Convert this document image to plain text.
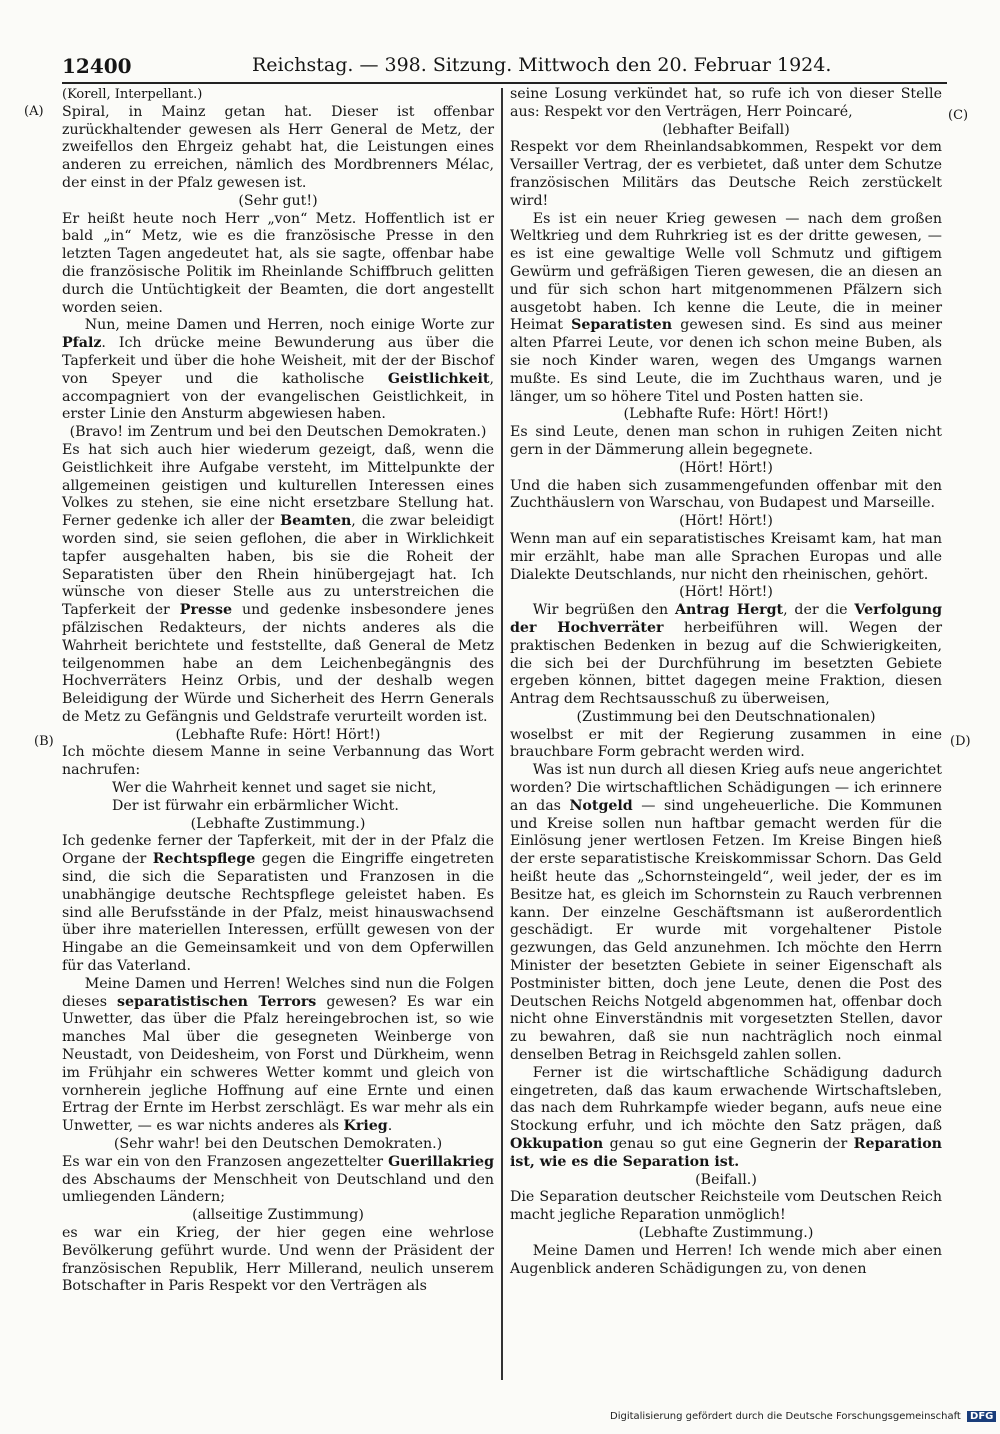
12400	Reichstag. — 398. Sitzung. Mittwoch den 20. Februar 1924.
(A)
(B)
(C)
(D)

(Korell, Interpellant.)

Spiral, in Mainz getan hat. Dieser ist offenbar zurückhaltender gewesen als Herr General de Metz, der zweifellos den Ehrgeiz gehabt hat, die Leistungen eines anderen zu erreichen, nämlich des Mordbrenners Mélac, der einst in der Pfalz gewesen ist.

(Sehr gut!)

Er heißt heute noch Herr „von“ Metz. Hoffentlich ist er bald „in“ Metz, wie es die französische Presse in den letzten Tagen angedeutet hat, als sie sagte, offenbar habe die französische Politik im Rheinlande Schiffbruch gelitten durch die Untüchtigkeit der Beamten, die dort angestellt worden seien.

Nun, meine Damen und Herren, noch einige Worte zur Pfalz. Ich drücke meine Bewunderung aus über die Tapferkeit und über die hohe Weisheit, mit der der Bischof von Speyer und die katholische Geistlichkeit, accompagniert von der evangelischen Geistlichkeit, in erster Linie den Ansturm abgewiesen haben.

(Bravo! im Zentrum und bei den Deutschen Demokraten.)

Es hat sich auch hier wiederum gezeigt, daß, wenn die Geistlichkeit ihre Aufgabe versteht, im Mittelpunkte der allgemeinen geistigen und kulturellen Interessen eines Volkes zu stehen, sie eine nicht ersetzbare Stellung hat. Ferner gedenke ich aller der Beamten, die zwar beleidigt worden sind, sie seien geflohen, die aber in Wirklichkeit tapfer ausgehalten haben, bis sie die Roheit der Separatisten über den Rhein hinübergejagt hat. Ich wünsche von dieser Stelle aus zu unterstreichen die Tapferkeit der Presse und gedenke insbesondere jenes pfälzischen Redakteurs, der nichts anderes als die Wahrheit berichtete und feststellte, daß General de Metz teilgenommen habe an dem Leichenbegängnis des Hochverräters Heinz Orbis, und der deshalb wegen Beleidigung der Würde und Sicherheit des Herrn Generals de Metz zu Gefängnis und Geldstrafe verurteilt worden ist.

(Lebhafte Rufe: Hört! Hört!)

Ich möchte diesem Manne in seine Verbannung das Wort nachrufen:

Wer die Wahrheit kennet und saget sie nicht,

Der ist fürwahr ein erbärmlicher Wicht.

(Lebhafte Zustimmung.)

Ich gedenke ferner der Tapferkeit, mit der in der Pfalz die Organe der Rechtspflege gegen die Eingriffe eingetreten sind, die sich die Separatisten und Franzosen in die unabhängige deutsche Rechtspflege geleistet haben. Es sind alle Berufsstände in der Pfalz, meist hinauswachsend über ihre materiellen Interessen, erfüllt gewesen von der Hingabe an die Gemeinsamkeit und von dem Opferwillen für das Vaterland.

Meine Damen und Herren! Welches sind nun die Folgen dieses separatistischen Terrors gewesen? Es war ein Unwetter, das über die Pfalz hereingebrochen ist, so wie manches Mal über die gesegneten Weinberge von Neustadt, von Deidesheim, von Forst und Dürkheim, wenn im Frühjahr ein schweres Wetter kommt und gleich von vornherein jegliche Hoffnung auf eine Ernte und einen Ertrag der Ernte im Herbst zerschlägt. Es war mehr als ein Unwetter, — es war nichts anderes als Krieg.

(Sehr wahr! bei den Deutschen Demokraten.)

Es war ein von den Franzosen angezettelter Guerillakrieg des Abschaums der Menschheit von Deutschland und den umliegenden Ländern;

(allseitige Zustimmung)

es war ein Krieg, der hier gegen eine wehrlose Bevölkerung geführt wurde. Und wenn der Präsident der französischen Republik, Herr Millerand, neulich unserem Botschafter in Paris Respekt vor den Verträgen als

seine Losung verkündet hat, so rufe ich von dieser Stelle aus: Respekt vor den Verträgen, Herr Poincaré,

(lebhafter Beifall)

Respekt vor dem Rheinlandsabkommen, Respekt vor dem Versailler Vertrag, der es verbietet, daß unter dem Schutze französischen Militärs das Deutsche Reich zerstückelt wird!

Es ist ein neuer Krieg gewesen — nach dem großen Weltkrieg und dem Ruhrkrieg ist es der dritte gewesen, — es ist eine gewaltige Welle voll Schmutz und giftigem Gewürm und gefräßigen Tieren gewesen, die an diesen an und für sich schon hart mitgenommenen Pfälzern sich ausgetobt haben. Ich kenne die Leute, die in meiner Heimat Separatisten gewesen sind. Es sind aus meiner alten Pfarrei Leute, vor denen ich schon meine Buben, als sie noch Kinder waren, wegen des Umgangs warnen mußte. Es sind Leute, die im Zuchthaus waren, und je länger, um so höhere Titel und Posten hatten sie.

(Lebhafte Rufe: Hört! Hört!)

Es sind Leute, denen man schon in ruhigen Zeiten nicht gern in der Dämmerung allein begegnete.

(Hört! Hört!)

Und die haben sich zusammengefunden offenbar mit den Zuchthäuslern von Warschau, von Budapest und Marseille.

(Hört! Hört!)

Wenn man auf ein separatistisches Kreisamt kam, hat man mir erzählt, habe man alle Sprachen Europas und alle Dialekte Deutschlands, nur nicht den rheinischen, gehört.

(Hört! Hört!)

Wir begrüßen den Antrag Hergt, der die Verfolgung der Hochverräter herbeiführen will. Wegen der praktischen Bedenken in bezug auf die Schwierigkeiten, die sich bei der Durchführung im besetzten Gebiete ergeben können, bittet dagegen meine Fraktion, diesen Antrag dem Rechtsausschuß zu überweisen,

(Zustimmung bei den Deutschnationalen)

woselbst er mit der Regierung zusammen in eine brauchbare Form gebracht werden wird.

Was ist nun durch all diesen Krieg aufs neue angerichtet worden? Die wirtschaftlichen Schädigungen — ich erinnere an das Notgeld — sind ungeheuerliche. Die Kommunen und Kreise sollen nun haftbar gemacht werden für die Einlösung jener wertlosen Fetzen. Im Kreise Bingen hieß der erste separatistische Kreiskommissar Schorn. Das Geld heißt heute das „Schornsteingeld“, weil jeder, der es im Besitze hat, es gleich im Schornstein zu Rauch verbrennen kann. Der einzelne Geschäftsmann ist außerordentlich geschädigt. Er wurde mit vorgehaltener Pistole gezwungen, das Geld anzunehmen. Ich möchte den Herrn Minister der besetzten Gebiete in seiner Eigenschaft als Postminister bitten, doch jene Leute, denen die Post des Deutschen Reichs Notgeld abgenommen hat, offenbar doch nicht ohne Einverständnis mit vorgesetzten Stellen, davor zu bewahren, daß sie nun nachträglich noch einmal denselben Betrag in Reichsgeld zahlen sollen.

Ferner ist die wirtschaftliche Schädigung dadurch eingetreten, daß das kaum erwachende Wirtschaftsleben, das nach dem Ruhrkampfe wieder begann, aufs neue eine Stockung erfuhr, und ich möchte den Satz prägen, daß Okkupation genau so gut eine Gegnerin der Reparation ist, wie es die Separation ist.

(Beifall.)

Die Separation deutscher Reichsteile vom Deutschen Reich macht jegliche Reparation unmöglich!

(Lebhafte Zustimmung.)

Meine Damen und Herren! Ich wende mich aber einen Augenblick anderen Schädigungen zu, von denen

Digitalisierung gefördert durch die Deutsche Forschungsgemeinschaft DFG
